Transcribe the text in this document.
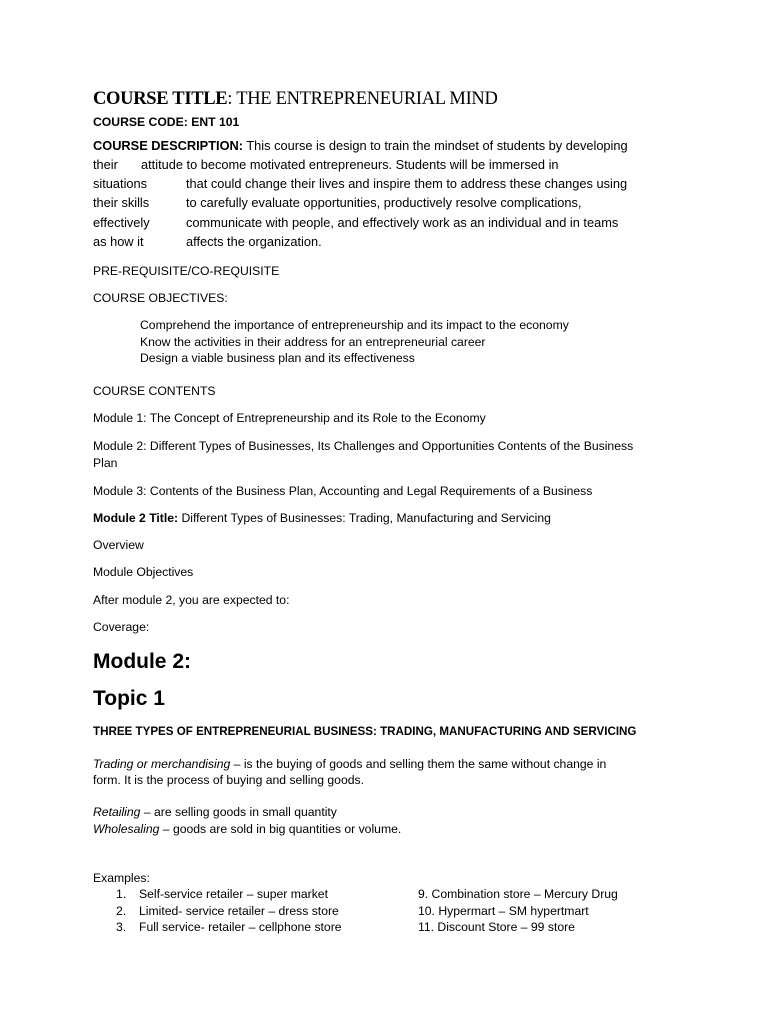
COURSE TITLE: THE ENTREPRENEURIAL MIND
COURSE CODE: ENT 101
COURSE DESCRIPTION: This course is design to train the mindset of students by developing
their attitude to become motivated entrepreneurs. Students will be immersed in
situations	that could change their lives and inspire them to address these changes using
their skills	to carefully evaluate opportunities, productively resolve complications,
effectively	communicate with people, and effectively work as an individual and in teams
as how it	affects the organization.
PRE-REQUISITE/CO-REQUISITE
COURSE OBJECTIVES:
Comprehend the importance of entrepreneurship and its impact to the economy
Know the activities in their address for an entrepreneurial career
Design a viable business plan and its effectiveness
COURSE CONTENTS
Module 1: The Concept of Entrepreneurship and its Role to the Economy
Module 2: Different Types of Businesses, Its Challenges and Opportunities Contents of the Business
Plan
Module 3: Contents of the Business Plan, Accounting and Legal Requirements of a Business
Module 2 Title: Different Types of Businesses: Trading, Manufacturing and Servicing
Overview
Module Objectives
After module 2, you are expected to:
Coverage:
Module 2:
Topic 1
THREE TYPES OF ENTREPRENEURIAL BUSINESS: TRADING, MANUFACTURING AND SERVICING
Trading or merchandising – is the buying of goods and selling them the same without change in
form. It is the process of buying and selling goods.
Retailing – are selling goods in small quantity
Wholesaling – goods are sold in big quantities or volume.
Examples:
1. Self-service retailer – super market
2. Limited- service retailer – dress store
3. Full service- retailer – cellphone store
9. Combination store – Mercury Drug
10. Hypermart – SM hypertmart
11. Discount Store – 99 store
